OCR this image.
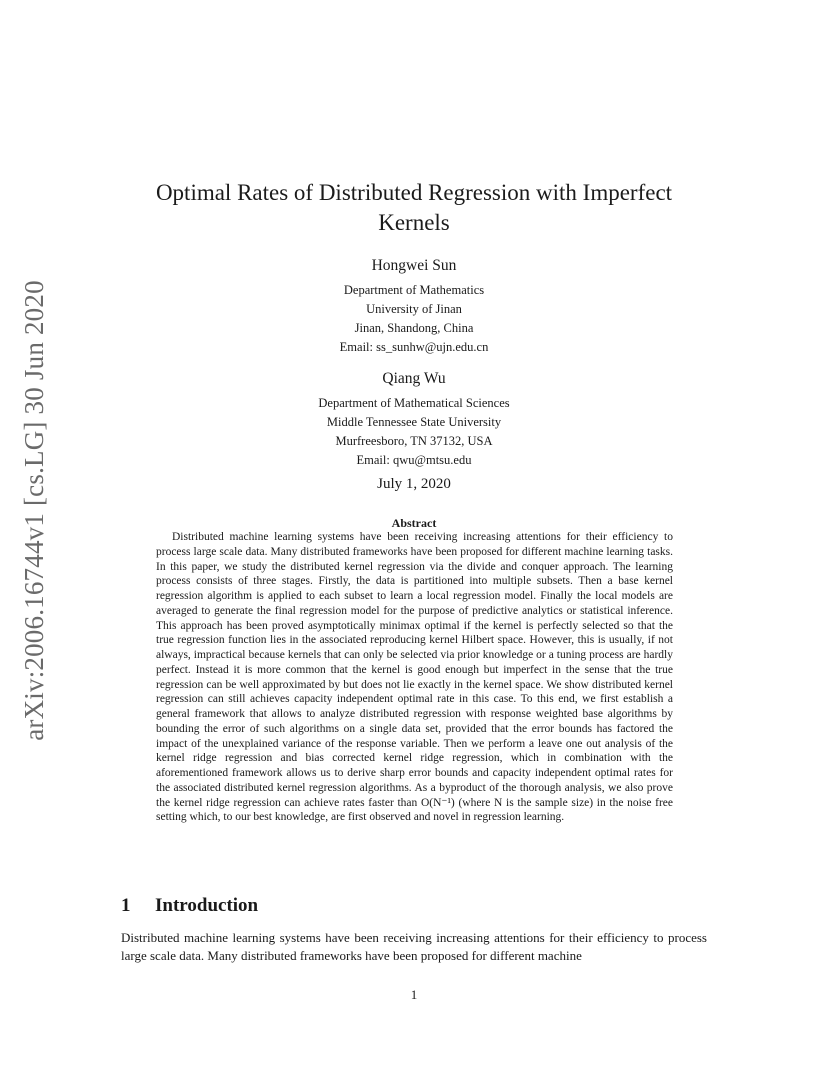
arXiv:2006.16744v1 [cs.LG] 30 Jun 2020
Optimal Rates of Distributed Regression with Imperfect
Kernels
Hongwei Sun
Department of Mathematics
University of Jinan
Jinan, Shandong, China
Email: ss_sunhw@ujn.edu.cn
Qiang Wu
Department of Mathematical Sciences
Middle Tennessee State University
Murfreesboro, TN 37132, USA
Email: qwu@mtsu.edu
July 1, 2020
Abstract

Distributed machine learning systems have been receiving increasing attentions for their efficiency to process large scale data. Many distributed frameworks have been proposed for different machine learning tasks. In this paper, we study the distributed kernel regression via the divide and conquer approach. The learning process consists of three stages. Firstly, the data is partitioned into multiple subsets. Then a base kernel regression algorithm is applied to each subset to learn a local regression model. Finally the local models are averaged to generate the final regression model for the purpose of predictive analytics or statistical inference. This approach has been proved asymptotically minimax optimal if the kernel is perfectly selected so that the true regression function lies in the associated reproducing kernel Hilbert space. However, this is usually, if not always, impractical because kernels that can only be selected via prior knowledge or a tuning process are hardly perfect. Instead it is more common that the kernel is good enough but imperfect in the sense that the true regression can be well approximated by but does not lie exactly in the kernel space. We show distributed kernel regression can still achieves capacity independent optimal rate in this case. To this end, we first establish a general framework that allows to analyze distributed regression with response weighted base algorithms by bounding the error of such algorithms on a single data set, provided that the error bounds has factored the impact of the unexplained variance of the response variable. Then we perform a leave one out analysis of the kernel ridge regression and bias corrected kernel ridge regression, which in combination with the aforementioned framework allows us to derive sharp error bounds and capacity independent optimal rates for the associated distributed kernel regression algorithms. As a byproduct of the thorough analysis, we also prove the kernel ridge regression can achieve rates faster than O(N⁻¹) (where N is the sample size) in the noise free setting which, to our best knowledge, are first observed and novel in regression learning.

1 Introduction

Distributed machine learning systems have been receiving increasing attentions for their efficiency to process large scale data. Many distributed frameworks have been proposed for different machine

1
